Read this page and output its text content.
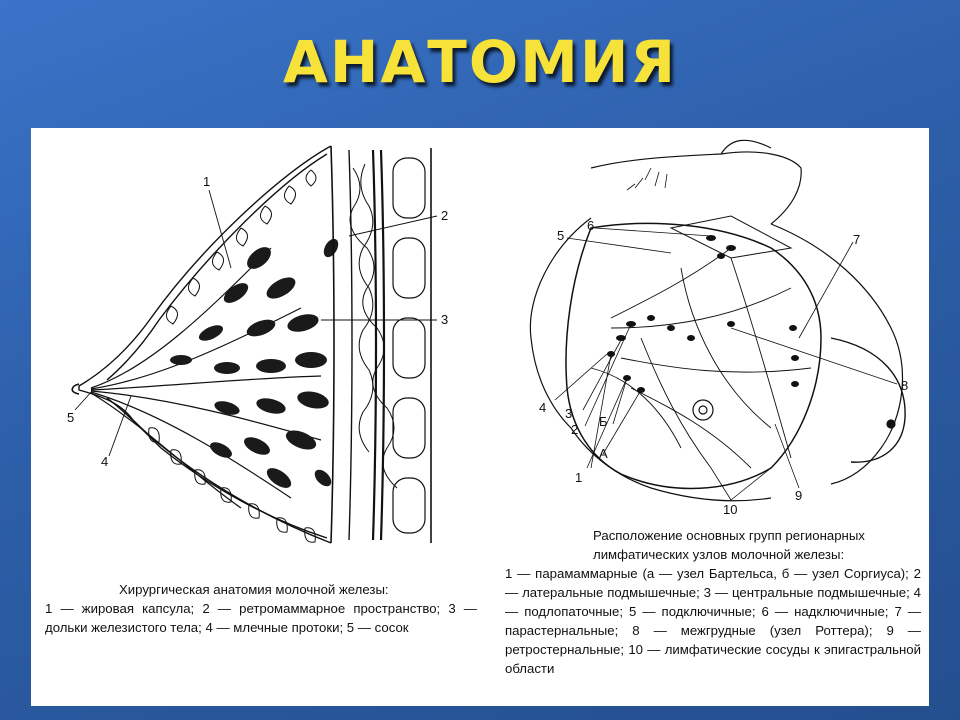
АНАТОМИЯ
1
2
3
4
5
5
6
7
8
4 3
2
Б
А
1
9
10
Хирургическая анатомия молочной железы:
1 — жировая капсула; 2 — ретромаммарное пространство; 3 — дольки железистого тела; 4 — млечные протоки; 5 — сосок
Расположение основных групп регионарных лимфатических узлов молочной железы:
1 — парамаммарные (а — узел Бартельса, б — узел Соргиуса); 2 — латеральные подмышечные; 3 — центральные подмышечные; 4 — подлопаточные; 5 — подключичные; 6 — надключичные; 7 — парастернальные; 8 — межгрудные (узел Роттера); 9 — ретростернальные; 10 — лимфатические сосуды к эпигастральной области
